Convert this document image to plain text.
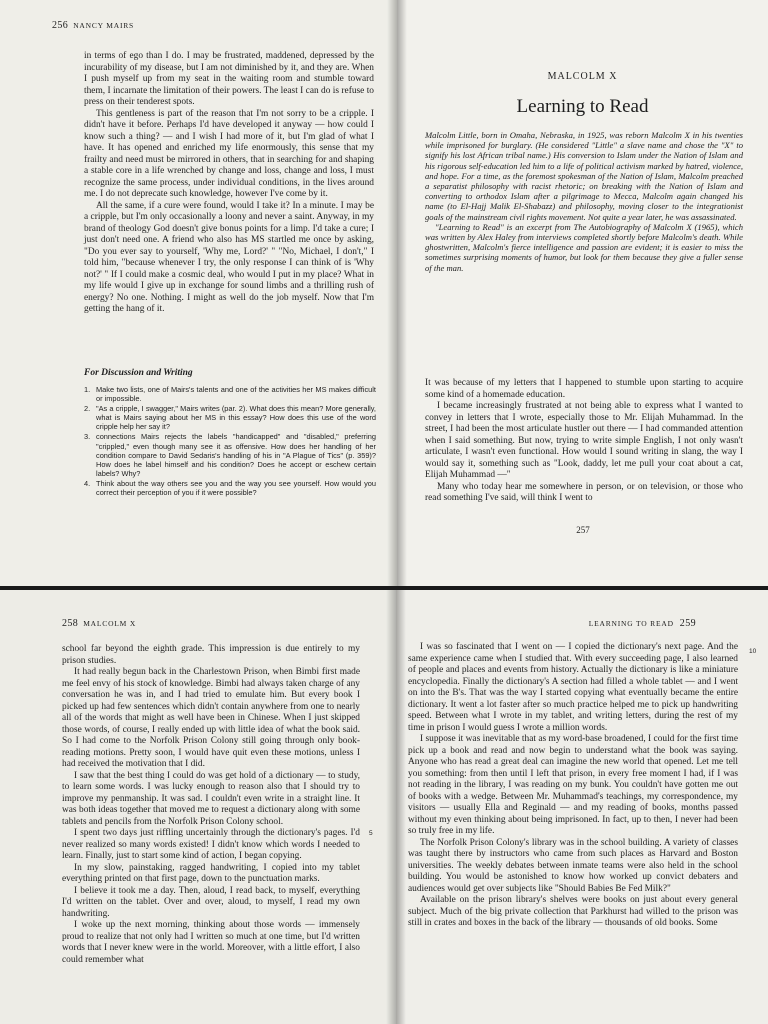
256 NANCY MAIRS

in terms of ego than I do. I may be frustrated, maddened, depressed by the incurability of my disease, but I am not diminished by it, and they are. When I push myself up from my seat in the waiting room and stumble toward them, I incarnate the limitation of their powers. The least I can do is refuse to press on their tenderest spots.

This gentleness is part of the reason that I'm not sorry to be a cripple. I didn't have it before. Perhaps I'd have developed it anyway — how could I know such a thing? — and I wish I had more of it, but I'm glad of what I have. It has opened and enriched my life enormously, this sense that my frailty and need must be mirrored in others, that in searching for and shaping a stable core in a life wrenched by change and loss, change and loss, I must recognize the same process, under individual conditions, in the lives around me. I do not deprecate such knowledge, however I've come by it.

All the same, if a cure were found, would I take it? In a minute. I may be a cripple, but I'm only occasionally a loony and never a saint. Anyway, in my brand of theology God doesn't give bonus points for a limp. I'd take a cure; I just don't need one. A friend who also has MS startled me once by asking, "Do you ever say to yourself, 'Why me, Lord?' " "No, Michael, I don't," I told him, "because whenever I try, the only response I can think of is 'Why not?' " If I could make a cosmic deal, who would I put in my place? What in my life would I give up in exchange for sound limbs and a thrilling rush of energy? No one. Nothing. I might as well do the job myself. Now that I'm getting the hang of it.

For Discussion and Writing
1. Make two lists, one of Mairs's talents and one of the activities her MS makes difficult or impossible.
2. "As a cripple, I swagger," Mairs writes (par. 2). What does this mean? More generally, what is Mairs saying about her MS in this essay? How does this use of the word cripple help her say it?
3. connections Mairs rejects the labels "handicapped" and "disabled," preferring "crippled," even though many see it as offensive. How does her handling of her condition compare to David Sedaris's handling of his in "A Plague of Tics" (p. 359)? How does he label himself and his condition? Does he accept or eschew certain labels? Why?
4. Think about the way others see you and the way you see yourself. How would you correct their perception of you if it were possible?
MALCOLM X
Learning to Read

Malcolm Little, born in Omaha, Nebraska, in 1925, was reborn Malcolm X in his twenties while imprisoned for burglary. (He considered "Little" a slave name and chose the "X" to signify his lost African tribal name.) His conversion to Islam under the Nation of Islam and his rigorous self-education led him to a life of political activism marked by hatred, violence, and hope. For a time, as the foremost spokesman of the Nation of Islam, Malcolm preached a separatist philosophy with racist rhetoric; on breaking with the Nation of Islam and converting to orthodox Islam after a pilgrimage to Mecca, Malcolm again changed his name (to El-Hajj Malik El-Shabazz) and philosophy, moving closer to the integrationist goals of the mainstream civil rights movement. Not quite a year later, he was assassinated.

"Learning to Read" is an excerpt from The Autobiography of Malcolm X (1965), which was written by Alex Haley from interviews completed shortly before Malcolm's death. While ghostwritten, Malcolm's fierce intelligence and passion are evident; it is easier to miss the sometimes surprising moments of humor, but look for them because they give a fuller sense of the man.

It was because of my letters that I happened to stumble upon starting to acquire some kind of a homemade education.

I became increasingly frustrated at not being able to express what I wanted to convey in letters that I wrote, especially those to Mr. Elijah Muhammad. In the street, I had been the most articulate hustler out there — I had commanded attention when I said something. But now, trying to write simple English, I not only wasn't articulate, I wasn't even functional. How would I sound writing in slang, the way I would say it, something such as "Look, daddy, let me pull your coat about a cat, Elijah Muhammad —"

Many who today hear me somewhere in person, or on television, or those who read something I've said, will think I went to

257
258 MALCOLM X

school far beyond the eighth grade. This impression is due entirely to my prison studies.

It had really begun back in the Charlestown Prison, when Bimbi first made me feel envy of his stock of knowledge. Bimbi had always taken charge of any conversation he was in, and I had tried to emulate him. But every book I picked up had few sentences which didn't contain anywhere from one to nearly all of the words that might as well have been in Chinese. When I just skipped those words, of course, I really ended up with little idea of what the book said. So I had come to the Norfolk Prison Colony still going through only book-reading motions. Pretty soon, I would have quit even these motions, unless I had received the motivation that I did.

I saw that the best thing I could do was get hold of a dictionary — to study, to learn some words. I was lucky enough to reason also that I should try to improve my penmanship. It was sad. I couldn't even write in a straight line. It was both ideas together that moved me to request a dictionary along with some tablets and pencils from the Norfolk Prison Colony school.

I spent two days just riffling uncertainly through the dictionary's pages. I'd never realized so many words existed! I didn't know which words I needed to learn. Finally, just to start some kind of action, I began copying.

In my slow, painstaking, ragged handwriting, I copied into my tablet everything printed on that first page, down to the punctuation marks.

I believe it took me a day. Then, aloud, I read back, to myself, everything I'd written on the tablet. Over and over, aloud, to myself, I read my own handwriting.

I woke up the next morning, thinking about those words — immensely proud to realize that not only had I written so much at one time, but I'd written words that I never knew were in the world. Moreover, with a little effort, I also could remember what

5
LEARNING TO READ 259
10

I was so fascinated that I went on — I copied the dictionary's next page. And the same experience came when I studied that. With every succeeding page, I also learned of people and places and events from history. Actually the dictionary is like a miniature encyclopedia. Finally the dictionary's A section had filled a whole tablet — and I went on into the B's. That was the way I started copying what eventually became the entire dictionary. It went a lot faster after so much practice helped me to pick up handwriting speed. Between what I wrote in my tablet, and writing letters, during the rest of my time in prison I would guess I wrote a million words.

I suppose it was inevitable that as my word-base broadened, I could for the first time pick up a book and read and now begin to understand what the book was saying. Anyone who has read a great deal can imagine the new world that opened. Let me tell you something: from then until I left that prison, in every free moment I had, if I was not reading in the library, I was reading on my bunk. You couldn't have gotten me out of books with a wedge. Between Mr. Muhammad's teachings, my correspondence, my visitors — usually Ella and Reginald — and my reading of books, months passed without my even thinking about being imprisoned. In fact, up to then, I never had been so truly free in my life.

The Norfolk Prison Colony's library was in the school building. A variety of classes was taught there by instructors who came from such places as Harvard and Boston universities. The weekly debates between inmate teams were also held in the school building. You would be astonished to know how worked up convict debaters and audiences would get over subjects like "Should Babies Be Fed Milk?"

Available on the prison library's shelves were books on just about every general subject. Much of the big private collection that Parkhurst had willed to the prison was still in crates and boxes in the back of the library — thousands of old books. Some
